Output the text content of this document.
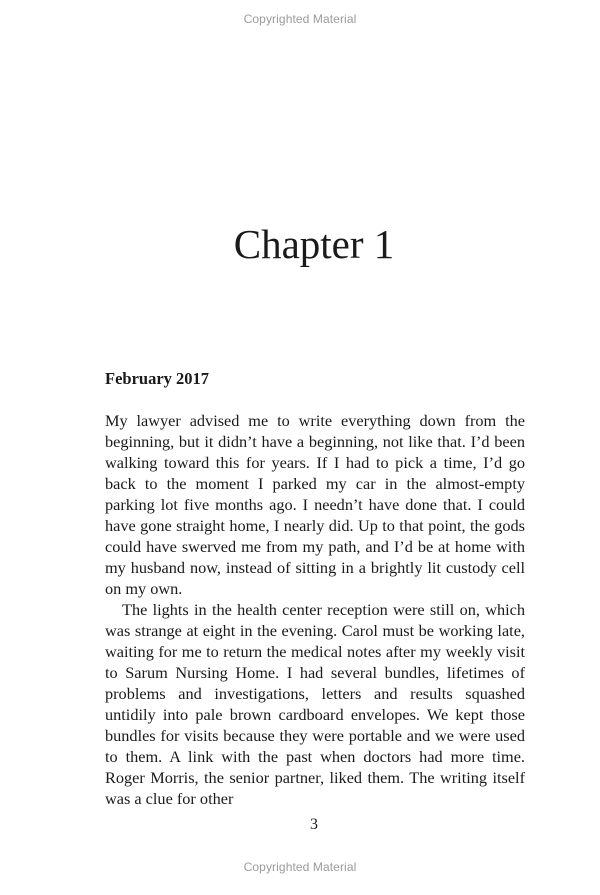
Copyrighted Material
Chapter 1
February 2017

My lawyer advised me to write everything down from the beginning, but it didn’t have a beginning, not like that. I’d been walking toward this for years. If I had to pick a time, I’d go back to the moment I parked my car in the almost-empty parking lot five months ago. I needn’t have done that. I could have gone straight home, I nearly did. Up to that point, the gods could have swerved me from my path, and I’d be at home with my husband now, instead of sitting in a brightly lit custody cell on my own.

The lights in the health center reception were still on, which was strange at eight in the evening. Carol must be working late, waiting for me to return the medical notes after my weekly visit to Sarum Nursing Home. I had several bundles, lifetimes of problems and investigations, letters and results squashed untidily into pale brown cardboard envelopes. We kept those bundles for visits because they were portable and we were used to them. A link with the past when doctors had more time. Roger Morris, the senior partner, liked them. The writing itself was a clue for other

3
Copyrighted Material
